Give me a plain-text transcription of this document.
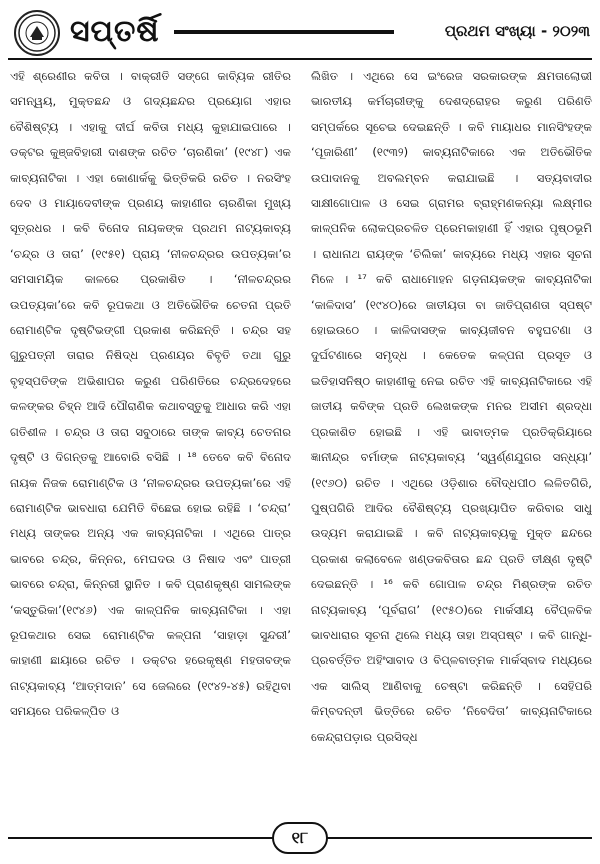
ସପ୍ତର୍ଷି	ପ୍ରଥମ ସଂଖ୍ୟା - ୨୦୨୩
ଏହି ଶ୍ରେଣୀର କବିତା । ବାକ୍‌ରୀତି ସଙ୍ଗେ କାବ୍ୟିକ ରୀତିର ସମନ୍ୱୟ, ମୁକ୍ତଛନ୍ଦ ଓ ଗଦ୍ୟଛନ୍ଦର ପ୍ରୟୋଗ ଏହାର ବୈଶିଷ୍ଟ୍ୟ । ଏହାକୁ ଦୀର୍ଘ କବିତା ମଧ୍ୟ କୁହାଯାଇପାରେ । ଡକ୍ଟର କୁଞ୍ଜବିହାରୀ ଦାଶଙ୍କ ରଚିତ ‘ଚାରଣିକା’ (୧୯୪୮) ଏକ କାବ୍ୟନାଟିକା । ଏହା କୋଣାର୍କକୁ ଭିତ୍ତିକରି ରଚିତ । ନରସିଂହ ଦେବ ଓ ମାୟାଦେବୀଙ୍କ ପ୍ରଣୟ କାହାଣୀର ଚାରଣିକା ମୁଖ୍ୟ ସୂତ୍ରଧର । କବି ବିନୋଦ ନାୟକଙ୍କ ପ୍ରଥମ ନାଟ୍ୟକାବ୍ୟ ‘ଚନ୍ଦ୍ର ଓ ତାରା’ (୧୯୫୧) ପ୍ରାୟ ‘ନୀଳଚନ୍ଦ୍ରର ଉପତ୍ୟକା’ର ସମସାମୟିକ କାଳରେ ପ୍ରକାଶିତ । ‘ନୀଳଚନ୍ଦ୍ରର ଉପତ୍ୟକା’ରେ କବି ରୂପକଥା ଓ ଅତିଭୌତିକ ଚେତନା ପ୍ରତି ରୋମାଣ୍ଟିକ ଦୃଷ୍ଟିଭଙ୍ଗୀ ପ୍ରକାଶ କରିଛନ୍ତି । ଚନ୍ଦ୍ର ସହ ଗୁରୁପତ୍ନୀ ତାରାର ନିଷିଦ୍ଧ ପ୍ରଣୟର ବିବୃତି ତଥା ଗୁରୁ ବୃହସ୍ପତିଙ୍କ ଅଭିଶାପର କରୁଣ ପରିଣତିରେ ଚନ୍ଦ୍ରଦେହରେ କଳଙ୍କର ଚିହ୍ନ ଆଦି ପୌରାଣିକ କଥାବସ୍ତୁକୁ ଆଧାର କରି ଏହା ଗତିଶୀଳ । ଚନ୍ଦ୍ର ଓ ତାରା ସବୁଠାରେ ତାଙ୍କ କାବ୍ୟ ଚେତନାର ଦୃଷ୍ଟି ଓ ଦିଗନ୍ତକୁ ଆବୋରି ବସିଛି । ¹⁸ ତେବେ କବି ବିନୋଦ ନାୟକ ନିଜକ ରୋମାଣ୍ଟିକ ଓ ‘ନୀଳଚନ୍ଦ୍ରର ଉପତ୍ୟକା’ରେ ଏହି ରୋମାଣ୍ଟିକ ଭାବଧାରା ଯେମିତି ବିଛେଇ ହୋଇ ରହିଛି । ‘ଚନ୍ଦ୍ରା’ ମଧ୍ୟ ତାଙ୍କର ଅନ୍ୟ ଏକ କାବ୍ୟନାଟିକା । ଏଥିରେ ପାତ୍ର ଭାବରେ ଚନ୍ଦ୍ର, କିନ୍ନର, ମେଘଦଉ ଓ ନିଷାଦ ଏବଂ ପାତ୍ରୀ ଭାବରେ ଚନ୍ଦ୍ରା, କିନ୍ନରୀ ସ୍ଥାନିତ । କବି ପ୍ରାଣକୃଷ୍ଣ ସାମଲଙ୍କ ‘କସ୍ତୁରିକା’(୧୯୪୬) ଏକ କାଳ୍ପନିକ କାବ୍ୟନାଟିକା । ଏହା ରୂପକଥାର ସେଇ ରୋମାଣ୍ଟିକ କଳ୍ପନା ‘ସାହାଡ଼ା ସୁନ୍ଦରୀ’ କାହାଣୀ ଛାୟାରେ ରଚିତ । ଡକ୍ଟର ହରେକୃଷ୍ଣ ମହତାବଙ୍କ ନାଟ୍ୟକାବ୍ୟ ‘ଆତ୍ମଦାନ’ ସେ ଜେଲରେ (୧୯୪୨-୪୫) ରହିଥିବା ସମୟରେ ପରିକଳ୍ପିତ ଓ
ଲିଖିତ । ଏଥିରେ ସେ ଇଂରେଜ ସରକାରଙ୍କ କ୍ଷମତାଲୋଭୀ ଭାରତୀୟ କର୍ମଚାରୀଙ୍କୁ ଦେଶଦ୍ରୋହର କରୁଣ ପରିଣତି ସମ୍ପର୍କରେ ସୂଚେଇ ଦେଇଛନ୍ତି । କବି ମାୟାଧର ମାନସିଂହଙ୍କ ‘ପୂଜାରିଣୀ’ (୧୯୩୨) କାବ୍ୟନାଟିକାରେ ଏକ ଅତିଭୌତିକ ଉପାଦାନକୁ ଅବଲମ୍ବନ କରାଯାଇଛି । ସତ୍ୟବାଦୀର ସାକ୍ଷୀଗୋପାଳ ଓ ସେଇ ଗ୍ରାମର ବ୍ରାହ୍ମଣକନ୍ୟା ଲକ୍ଷ୍ମୀର କାଳ୍ପନିକ ଲୋକପ୍ରଚଳିତ ପ୍ରେମକାହାଣୀ ହିଁ ଏହାର ପୃଷ୍ଠଭୂମି । ରାଧାନାଥ ରାୟଙ୍କ ‘ଚିଲିକା’ କାବ୍ୟରେ ମଧ୍ୟ ଏହାର ସୂଚନା ମିଳେ । ¹⁷ କବି ରାଧାମୋହନ ଗଡ଼ନାୟକଙ୍କ କାବ୍ୟନାଟିକା ‘କାଳିଦାସ’ (୧୯୪୦)ରେ ଜାତୀୟତା ବା ଜାତିପ୍ରାଣତା ସ୍ପଷ୍ଟ ହୋଇଉଠେ । କାଳିଦାସଙ୍କ କାବ୍ୟଜୀବନ ବହୁଘଟଣା ଓ ଦୁର୍ଘଟଣାରେ ସମୃଦ୍ଧ । କେତେକ କଳ୍ପନା ପ୍ରସୂତ ଓ ଇତିହାସନିଷ୍ଠ କାହାଣୀକୁ ନେଇ ରଚିତ ଏହି କାବ୍ୟନାଟିକାରେ ଏହି ଜାତୀୟ କବିଙ୍କ ପ୍ରତି ଲେଖକଙ୍କ ମନର ଅସୀମ ଶ୍ରଦ୍ଧା ପ୍ରକାଶିତ ହୋଇଛି । ଏହି ଭାବାତ୍ମକ ପ୍ରତିକ୍ରିୟାରେ ଜ୍ଞାନୀନ୍ଦ୍ର ବର୍ମାଙ୍କ ନାଟ୍ୟକାବ୍ୟ ‘ସ୍ୱର୍ଣ୍ଣଯୁଗର ସନ୍ଧ୍ୟା’ (୧୯୬୦) ରଚିତ । ଏଥିରେ ଓଡ଼ିଶାର ବୌଦ୍ଧପୀଠ ଲଳିତଗିରି, ପୁଷ୍ପଗିରି ଆଦିର ବୈଶିଷ୍ଟ୍ୟ ପ୍ରଖ୍ୟାପିତ କରିବାର ସାଧୁ ଉଦ୍ୟମ କରାଯାଇଛି । କବି ନାଟ୍ୟକାବ୍ୟକୁ ମୁକ୍ତ ଛନ୍ଦରେ ପ୍ରକାଶ କଲାବେଳେ ଖଣ୍ଡକବିତାର ଛନ୍ଦ ପ୍ରତି ତୀକ୍ଷ୍ଣ ଦୃଷ୍ଟି ଦେଇଛନ୍ତି । ¹⁶ କବି ଗୋପାଳ ଚନ୍ଦ୍ର ମିଶ୍ରଙ୍କ ରଚିତ ନାଟ୍ୟକାବ୍ୟ ‘ପୂର୍ବରାଗ’ (୧୯୫୦)ରେ ମାର୍କସୀୟ ବୈପ୍ଳବିକ ଭାବଧାରାର ସୂଚନା ଥିଲେ ମଧ୍ୟ ତାହା ଅସ୍ପଷ୍ଟ । କବି ଗାନ୍ଧି-ପ୍ରବର୍ତ୍ତିତ ଅହିଂସାବାଦ ଓ ବିପ୍ଳବାତ୍ମକ ମାର୍କସ୍‌ବାଦ ମଧ୍ୟରେ ଏକ ସାଲିସ୍ ଆଣିବାକୁ ଚେଷ୍ଟା କରିଛନ୍ତି । ସେହିପରି କିମ୍ବଦନ୍ତୀ ଭିତ୍ତିରେ ରଚିତ ‘ନିବେଦିତା’ କାବ୍ୟନାଟିକାରେ କେନ୍ଦ୍ରାପଡ଼ାର ପ୍ରସିଦ୍ଧ
୧୮
